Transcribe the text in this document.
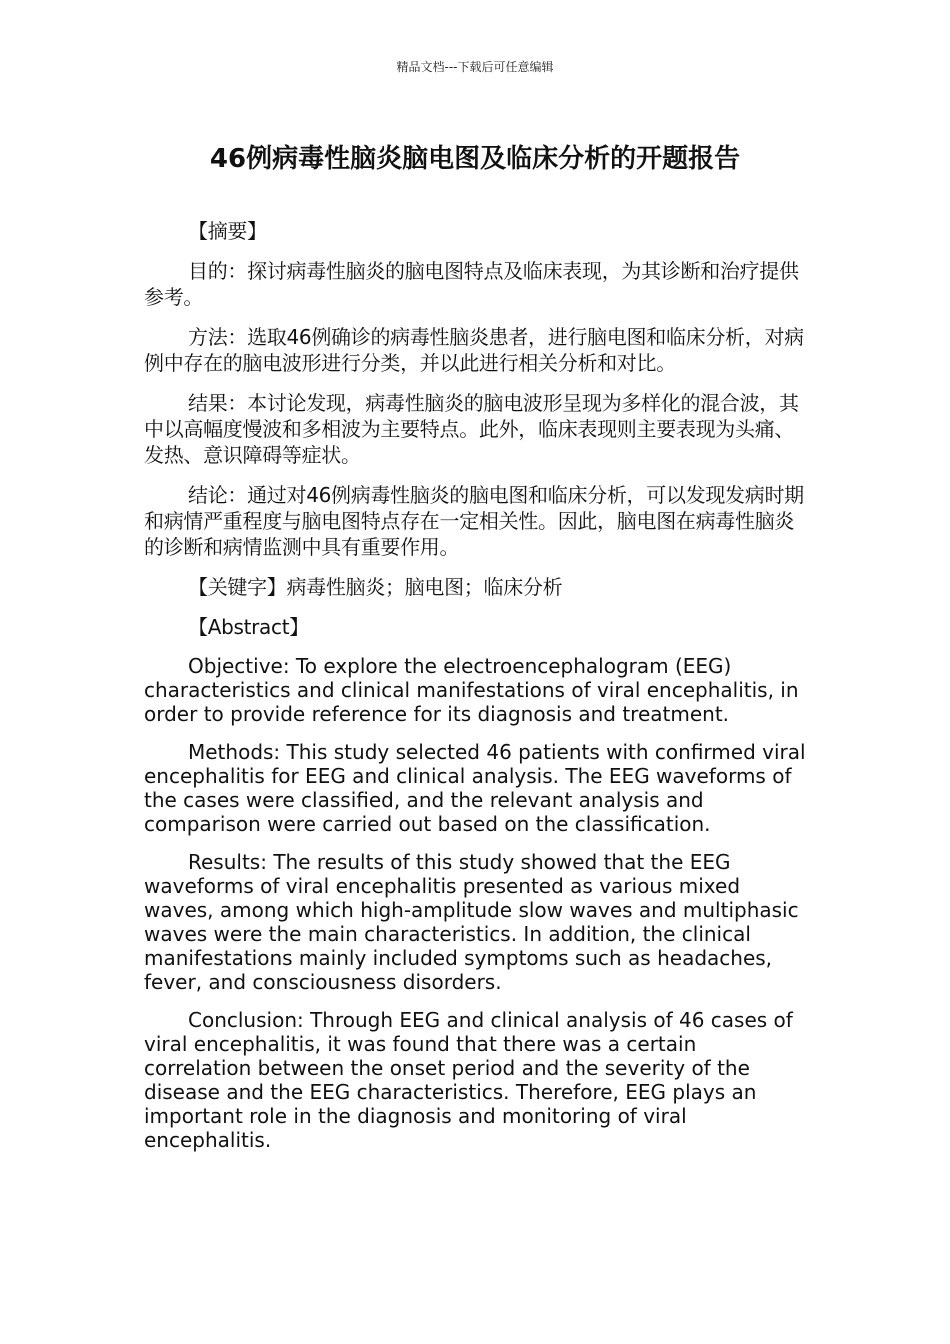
精品文档---下载后可任意编辑
46例病毒性脑炎脑电图及临床分析的开题报告

【摘要】

目的：探讨病毒性脑炎的脑电图特点及临床表现，为其诊断和治疗提供参考。

方法：选取46例确诊的病毒性脑炎患者，进行脑电图和临床分析，对病例中存在的脑电波形进行分类，并以此进行相关分析和对比。

结果：本讨论发现，病毒性脑炎的脑电波形呈现为多样化的混合波，其中以高幅度慢波和多相波为主要特点。此外，临床表现则主要表现为头痛、发热、意识障碍等症状。

结论：通过对46例病毒性脑炎的脑电图和临床分析，可以发现发病时期和病情严重程度与脑电图特点存在一定相关性。因此，脑电图在病毒性脑炎的诊断和病情监测中具有重要作用。

【关键字】病毒性脑炎；脑电图；临床分析

【Abstract】

Objective: To explore the electroencephalogram (EEG) characteristics and clinical manifestations of viral encephalitis, in order to provide reference for its diagnosis and treatment.

Methods: This study selected 46 patients with confirmed viral encephalitis for EEG and clinical analysis. The EEG waveforms of the cases were classified, and the relevant analysis and comparison were carried out based on the classification.

Results: The results of this study showed that the EEG waveforms of viral encephalitis presented as various mixed waves, among which high-amplitude slow waves and multiphasic waves were the main characteristics. In addition, the clinical manifestations mainly included symptoms such as headaches, fever, and consciousness disorders.

Conclusion: Through EEG and clinical analysis of 46 cases of viral encephalitis, it was found that there was a certain correlation between the onset period and the severity of the disease and the EEG characteristics. Therefore, EEG plays an important role in the diagnosis and monitoring of viral encephalitis.
